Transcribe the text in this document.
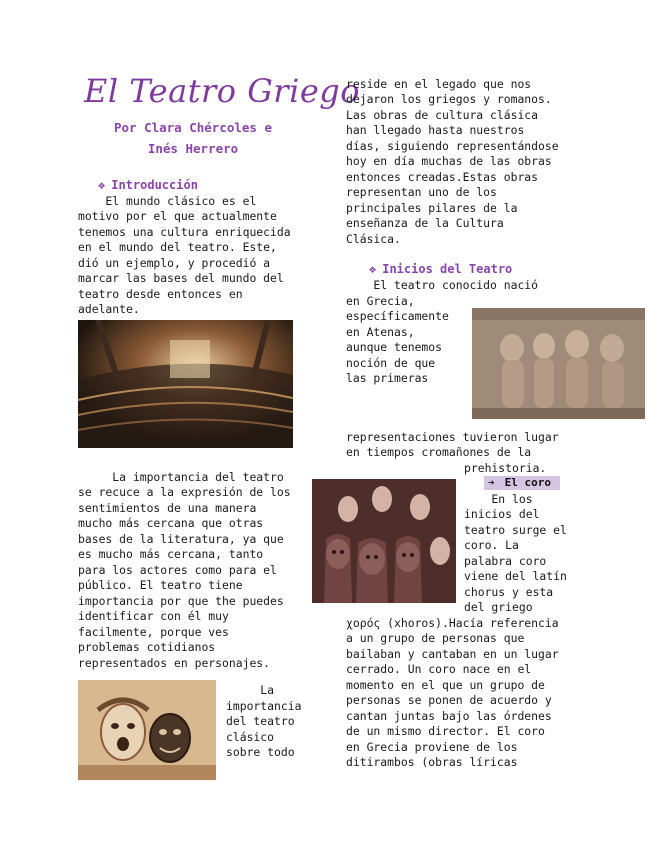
El Teatro Griego
Por Clara Chércoles e
Inés Herrero
❖ Introducción
El mundo clásico es el
motivo por el que actualmente
tenemos una cultura enriquecida
en el mundo del teatro. Este,
dió un ejemplo, y procedió a
marcar las bases del mundo del
teatro desde entonces en
adelante.
La importancia del teatro
se recuce a la expresión de los
sentimientos de una manera
mucho más cercana que otras
bases de la literatura, ya que
es mucho más cercana, tanto
para los actores como para el
público. El teatro tiene
importancia por que the puedes
identificar con él muy
facilmente, porque ves
problemas cotidianos
representados en personajes.
La
importancia
del teatro
clásico
sobre todo
reside en el legado que nos
dejaron los griegos y romanos.
Las obras de cultura clásica
han llegado hasta nuestros
días, siguiendo representándose
hoy en día muchas de las obras
entonces creadas.Estas obras
representan uno de los
principales pilares de la
enseñanza de la Cultura
Clásica.
❖ Inicios del Teatro
El teatro conocido nació
en Grecia,
específicamente
en Atenas,
aunque tenemos
noción de que
las primeras
representaciones tuvieron lugar
en tiempos cromañones de la
prehistoria.
➔ El coro
En los
inicios del
teatro surge el
coro. La
palabra coro
viene del latín
chorus y esta
del griego
χορός (xhoros).Hacía referencia
a un grupo de personas que
bailaban y cantaban en un lugar
cerrado. Un coro nace en el
momento en el que un grupo de
personas se ponen de acuerdo y
cantan juntas bajo las órdenes
de un mismo director. El coro
en Grecia proviene de los
ditirambos (obras líricas
